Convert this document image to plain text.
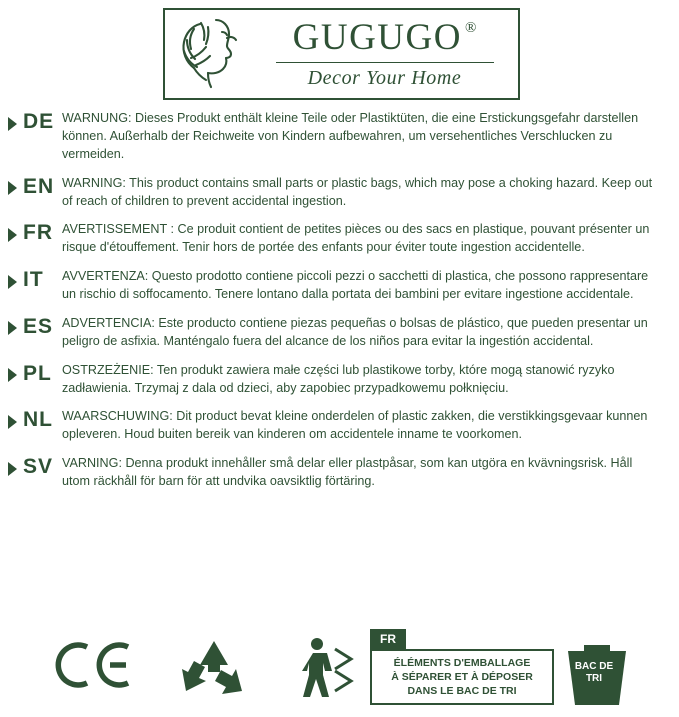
GUGUGO ®
Decor Your Home
DE WARNUNG: Dieses Produkt enthält kleine Teile oder Plastiktüten, die eine Erstickungsgefahr darstellen können. Außerhalb der Reichweite von Kindern aufbewahren, um versehentliches Verschlucken zu vermeiden.
EN WARNING: This product contains small parts or plastic bags, which may pose a choking hazard. Keep out of reach of children to prevent accidental ingestion.
FR AVERTISSEMENT : Ce produit contient de petites pièces ou des sacs en plastique, pouvant présenter un risque d'étouffement. Tenir hors de portée des enfants pour éviter toute ingestion accidentelle.
IT AVVERTENZA: Questo prodotto contiene piccoli pezzi o sacchetti di plastica, che possono rappresentare un rischio di soffocamento. Tenere lontano dalla portata dei bambini per evitare ingestione accidentale.
ES ADVERTENCIA: Este producto contiene piezas pequeñas o bolsas de plástico, que pueden presentar un peligro de asfixia. Manténgalo fuera del alcance de los niños para evitar la ingestión accidental.
PL OSTRZEŻENIE: Ten produkt zawiera małe części lub plastikowe torby, które mogą stanowić ryzyko zadławienia. Trzymaj z dala od dzieci, aby zapobiec przypadkowemu połknięciu.
NL WAARSCHUWING: Dit product bevat kleine onderdelen of plastic zakken, die verstikkingsgevaar kunnen opleveren. Houd buiten bereik van kinderen om accidentele inname te voorkomen.
SV VARNING: Denna produkt innehåller små delar eller plastpåsar, som kan utgöra en kvävningsrisk. Håll utom räckhåll för barn för att undvika oavsiktlig förtäring.
FR
ÉLÉMENTS D'EMBALLAGE
À SÉPARER ET À DÉPOSER
DANS LE BAC DE TRI
BAC DE TRI
